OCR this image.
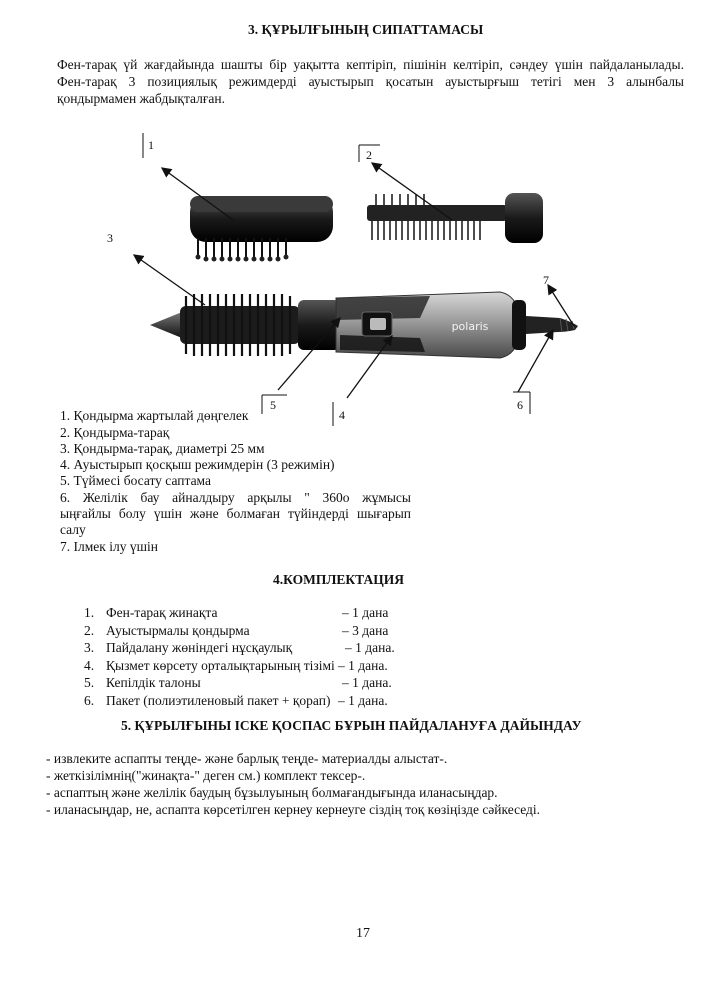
3. ҚҰРЫЛҒЫНЫҢ СИПАТТАМАСЫ
Фен-тарақ үй жағдайында шашты бір уақытта кептіріп, пішінін келтіріп, сәндеу үшін пайдаланылады.
Фен-тарақ 3 позициялық режимдерді ауыстырып қосатын ауыстырғыш тетігі мен 3 алынбалы
қондырмамен жабдықталған.
polaris
1
2
3
7
5
4
6
1. Қондырма жартылай дөңгелек
2. Қондырма-тарақ
3. Қондырма-тарақ, диаметрі 25 мм
4. Ауыстырып қосқыш режимдерін (3 режимін)
5. Түймесі босату саптама
6. Желілік бау айналдыру арқылы " 360о жұмысы
ыңғайлы болу үшін және болмаған түйіндерді шығарып
салу
7. Ілмек ілу үшін
4.КОМПЛЕКТАЦИЯ
1. Фен-тарақ жинақта	– 1 дана
2. Ауыстырмалы қондырма	– 3 дана
3. Пайдалану жөніндегі нұсқаулық	– 1 дана.
4. Қызмет көрсету орталықтарының тізімі – 1 дана.
5. Кепілдік талоны	– 1 дана.
6. Пакет (полиэтиленовый пакет + қорап) – 1 дана.
5. ҚҰРЫЛҒЫНЫ ІСКЕ ҚОСПАС БҰРЫН ПАЙДАЛАНУҒА ДАЙЫНДАУ
- извлеките аспапты теңде- және барлық теңде- материалды алыстат-.
- жеткізілімнің("жинақта-" деген см.) комплект тексер-.
- аспаптың және желілік баудың бұзылуының болмағандығында иланасыңдар.
- иланасыңдар, не, аспапта көрсетілген кернеу кернеуге сіздің тоқ көзіңізде сәйкеседі.
17
